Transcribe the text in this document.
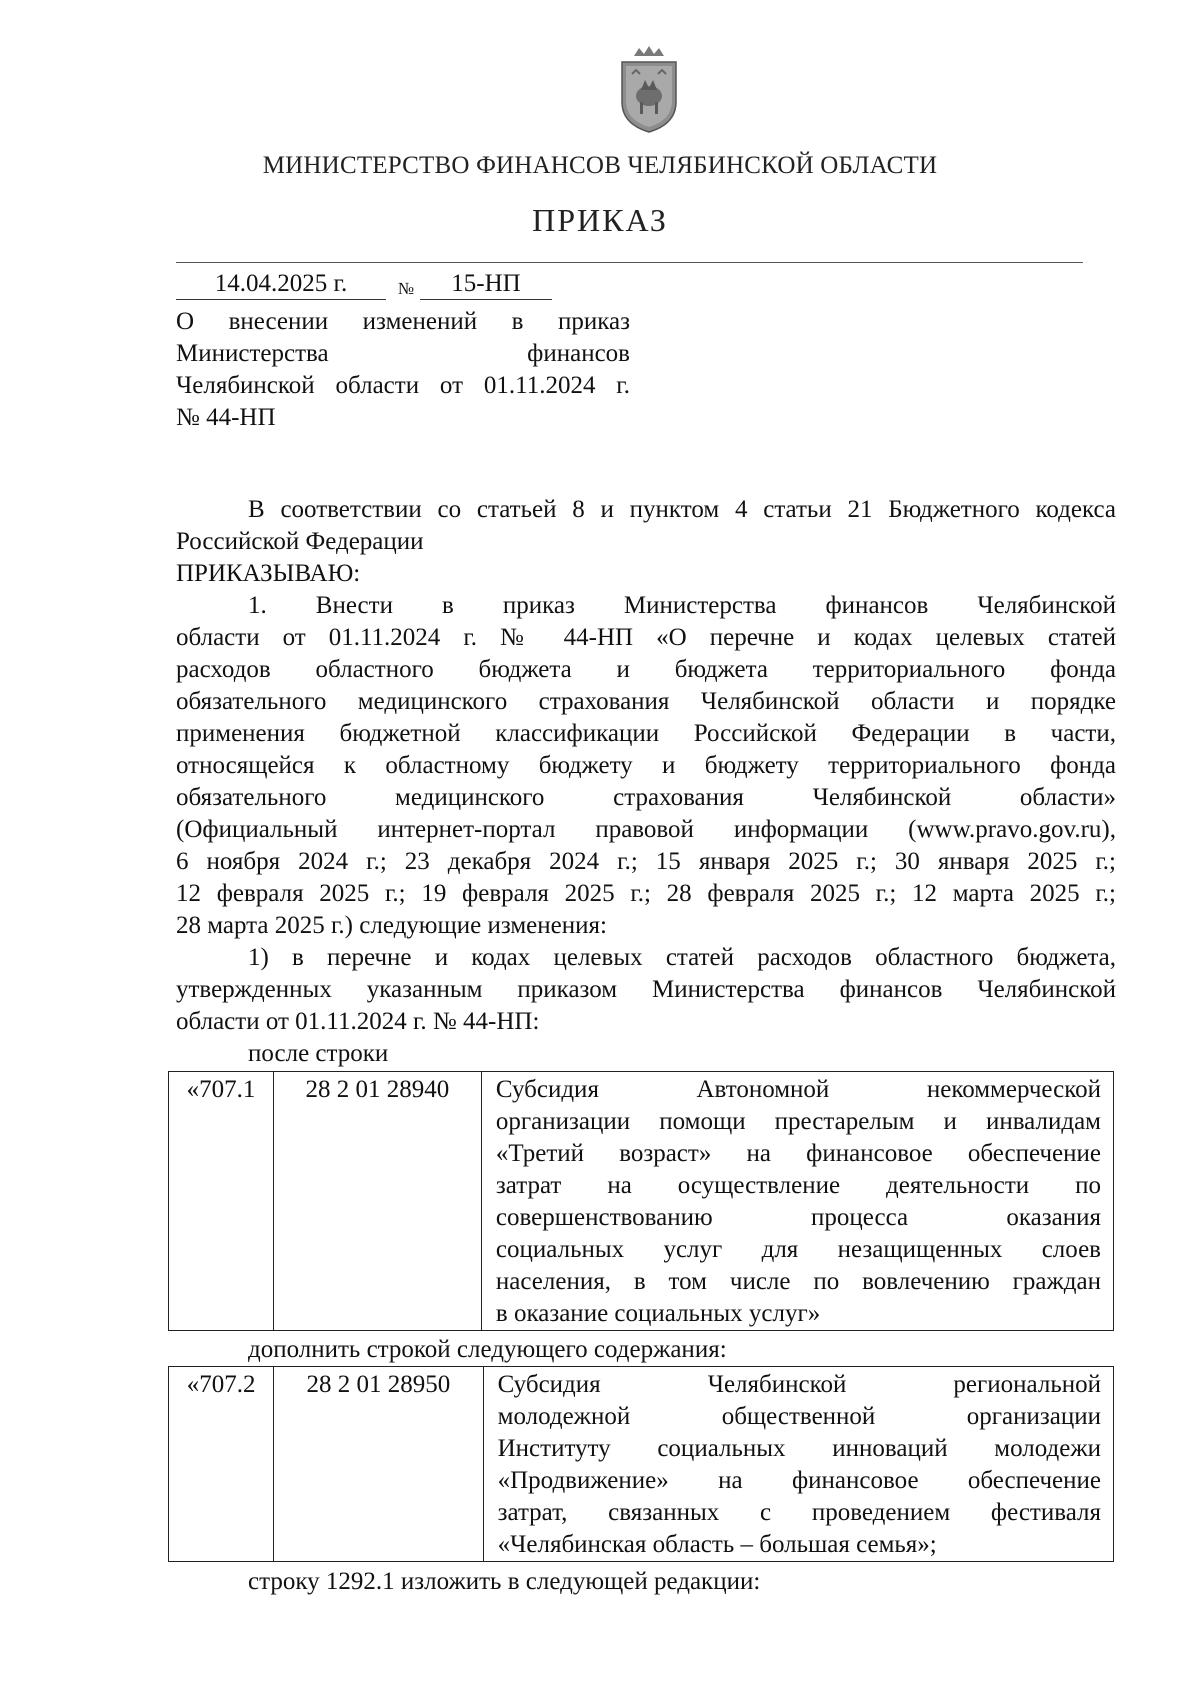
МИНИСТЕРСТВО ФИНАНСОВ ЧЕЛЯБИНСКОЙ ОБЛАСТИ
ПРИКАЗ
14.04.2025 г.	№	15-НП
О внесении изменений в приказ
Министерства финансов
Челябинской области от 01.11.2024 г.
№ 44-НП
В соответствии со статьей 8 и пунктом 4 статьи 21 Бюджетного кодекса
Российской Федерации
ПРИКАЗЫВАЮ:
1. Внести в приказ Министерства финансов Челябинской
области от 01.11.2024 г. № 44-НП «О перечне и кодах целевых статей
расходов областного бюджета и бюджета территориального фонда
обязательного медицинского страхования Челябинской области и порядке
применения бюджетной классификации Российской Федерации в части,
относящейся к областному бюджету и бюджету территориального фонда
обязательного медицинского страхования Челябинской области»
(Официальный интернет-портал правовой информации (www.pravo.gov.ru),
6 ноября 2024 г.; 23 декабря 2024 г.; 15 января 2025 г.; 30 января 2025 г.;
12 февраля 2025 г.; 19 февраля 2025 г.; 28 февраля 2025 г.; 12 марта 2025 г.;
28 марта 2025 г.) следующие изменения:
1) в перечне и кодах целевых статей расходов областного бюджета,
утвержденных указанным приказом Министерства финансов Челябинской
области от 01.11.2024 г. № 44-НП:
после строки
«707.1	28 2 01 28940	Субсидия Автономной некоммерческой
организации помощи престарелым и инвалидам
«Третий возраст» на финансовое обеспечение
затрат на осуществление деятельности по
совершенствованию процесса оказания
социальных услуг для незащищенных слоев
населения, в том числе по вовлечению граждан
в оказание социальных услуг»
дополнить строкой следующего содержания:
«707.2	28 2 01 28950	Субсидия Челябинской региональной
молодежной общественной организации
Институту социальных инноваций молодежи
«Продвижение» на финансовое обеспечение
затрат, связанных с проведением фестиваля
«Челябинская область – большая семья»;
строку 1292.1 изложить в следующей редакции:
